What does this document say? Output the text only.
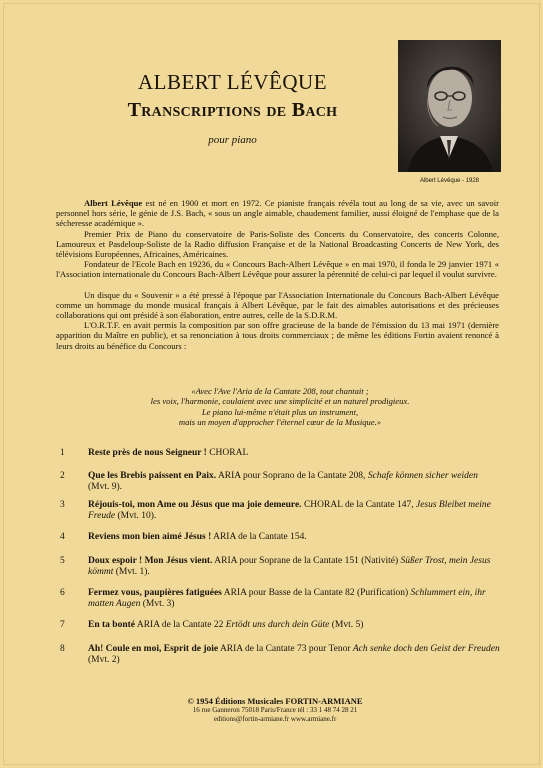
ALBERT LÉVÊQUE
Transcriptions de Bach
pour piano
Albert Lévêque - 1928

Albert Lévêque est né en 1900 et mort en 1972. Ce pianiste français révéla tout au long de sa vie, avec un savoir personnel hors série, le génie de J.S. Bach, « sous un angle aimable, chaudement familier, aussi éloigné de l'emphase que de la sécheresse académique ».

Premier Prix de Piano du conservatoire de Paris-Soliste des Concerts du Conservatoire, des concerts Colonne, Lamoureux et Pasdeloup-Soliste de la Radio diffusion Française et de la National Broadcasting Concerts de New York, des télévisions Européennes, Africaines, Américaines.

Fondateur de l'Ecole Bach en 19236, du « Concours Bach-Albert Lévêque » en mai 1970, il fonda le 29 janvier 1971 « l'Association internationale du Concours Bach-Albert Lévêque pour assurer la pérennité de celui-ci par lequel il voulut survivre.

Un disque du « Souvenir » a été pressé à l'époque par l'Association Internationale du Concours Bach-Albert Lévêque comme un hommage du monde musical français à Albert Lévêque, par le fait des aimables autorisations et des précieuses collaborations qui ont présidé à son élaboration, entre autres, celle de la S.D.R.M.

L'O.R.T.F. en avait permis la composition par son offre gracieuse de la bande de l'émission du 13 mai 1971 (dernière apparition du Maître en public), et sa renonciation à tous droits commerciaux ; de même les éditions Fortin avaient renoncé à leurs droits au bénéfice du Concours :

«Avec l'Ave l'Aria de la Cantate 208, tout chantait ;
les voix, l'harmonie, coulaient avec une simplicité et un naturel prodigieux.
Le piano lui-même n'était plus un instrument,
mais un moyen d'approcher l'éternel cœur de la Musique.»
1	Reste près de nous Seigneur ! CHORAL
2	Que les Brebis paissent en Paix. ARIA pour Soprano de la Cantate 208, Schafe können sicher weiden (Mvt. 9).
3	Réjouis-toi, mon Ame ou Jésus que ma joie demeure. CHORAL de la Cantate 147, Jesus Bleibet meine Freude (Mvt. 10).
4	Reviens mon bien aimé Jésus ! ARIA de la Cantate 154.
5	Doux espoir ! Mon Jésus vient. ARIA pour Soprane de la Cantate 151 (Nativité) Süßer Trost, mein Jesus kömmt (Mvt. 1).
6	Fermez vous, paupières fatiguées ARIA pour Basse de la Cantate 82 (Purification) Schlummert ein, ihr matten Augen (Mvt. 3)
7	En ta bonté ARIA de la Cantate 22 Ertödt uns durch dein Güte (Mvt. 5)
8	Ah! Coule en moi, Esprit de joie ARIA de la Cantate 73 pour Tenor Ach senke doch den Geist der Freuden (Mvt. 2)
© 1954 Éditions Musicales FORTIN-ARMIANE
16 rue Ganneron 75018 Paris/France tél : 33 1 48 74 28 21
editions@fortin-armiane.fr www.armiane.fr
